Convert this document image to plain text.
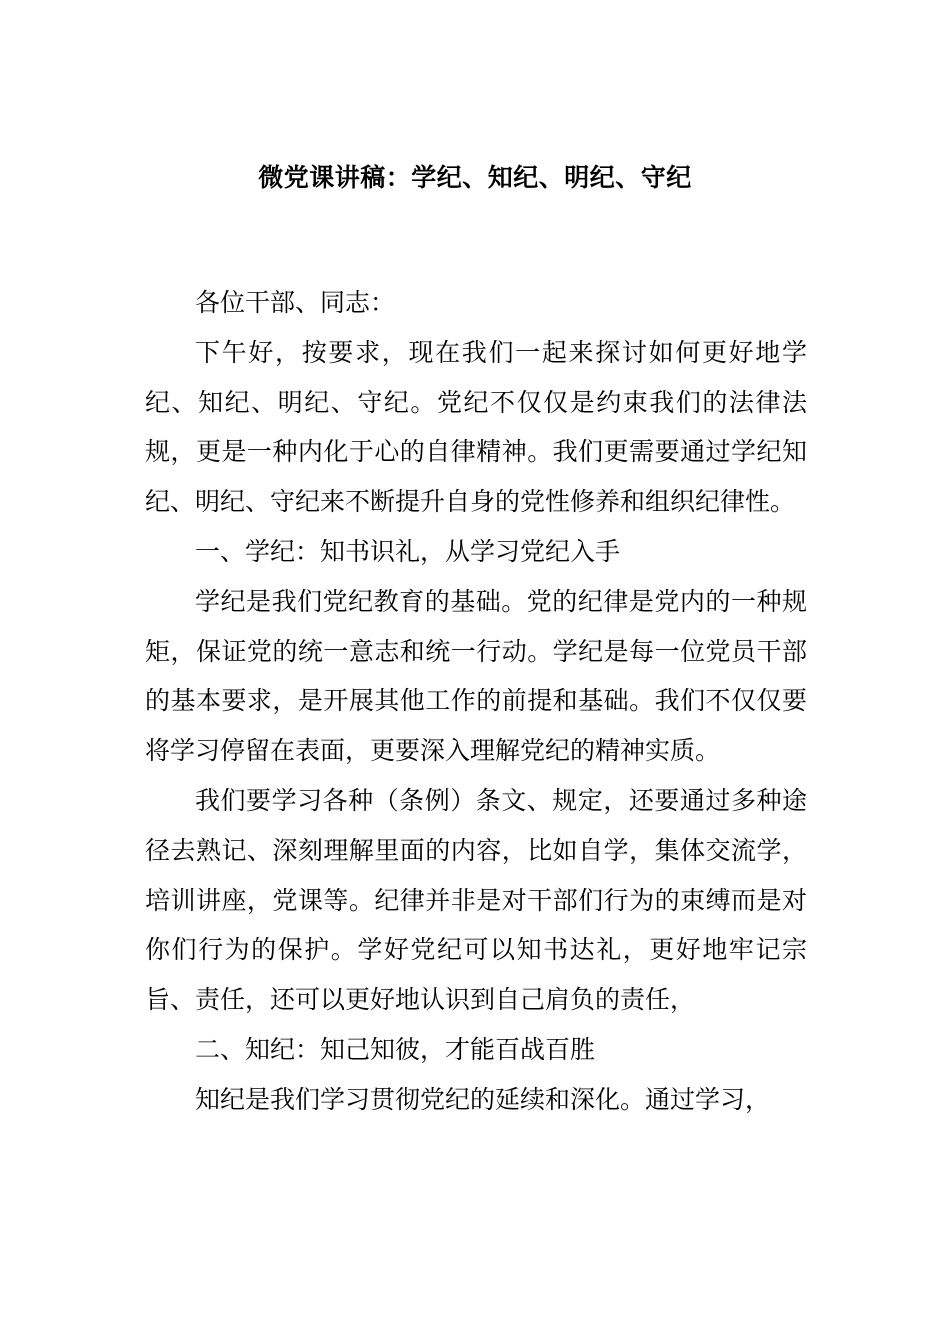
微党课讲稿：学纪、知纪、明纪、守纪

各位干部、同志：

下午好，按要求，现在我们一起来探讨如何更好地学纪、知纪、明纪、守纪。党纪不仅仅是约束我们的法律法规，更是一种内化于心的自律精神。我们更需要通过学纪知纪、明纪、守纪来不断提升自身的党性修养和组织纪律性。

一、学纪：知书识礼，从学习党纪入手

学纪是我们党纪教育的基础。党的纪律是党内的一种规矩，保证党的统一意志和统一行动。学纪是每一位党员干部的基本要求，是开展其他工作的前提和基础。我们不仅仅要将学习停留在表面，更要深入理解党纪的精神实质。

我们要学习各种（条例）条文、规定，还要通过多种途径去熟记、深刻理解里面的内容，比如自学，集体交流学，培训讲座，党课等。纪律并非是对干部们行为的束缚而是对你们行为的保护。学好党纪可以知书达礼，更好地牢记宗旨、责任，还可以更好地认识到自己肩负的责任，

二、知纪：知己知彼，才能百战百胜

知纪是我们学习贯彻党纪的延续和深化。通过学习，
